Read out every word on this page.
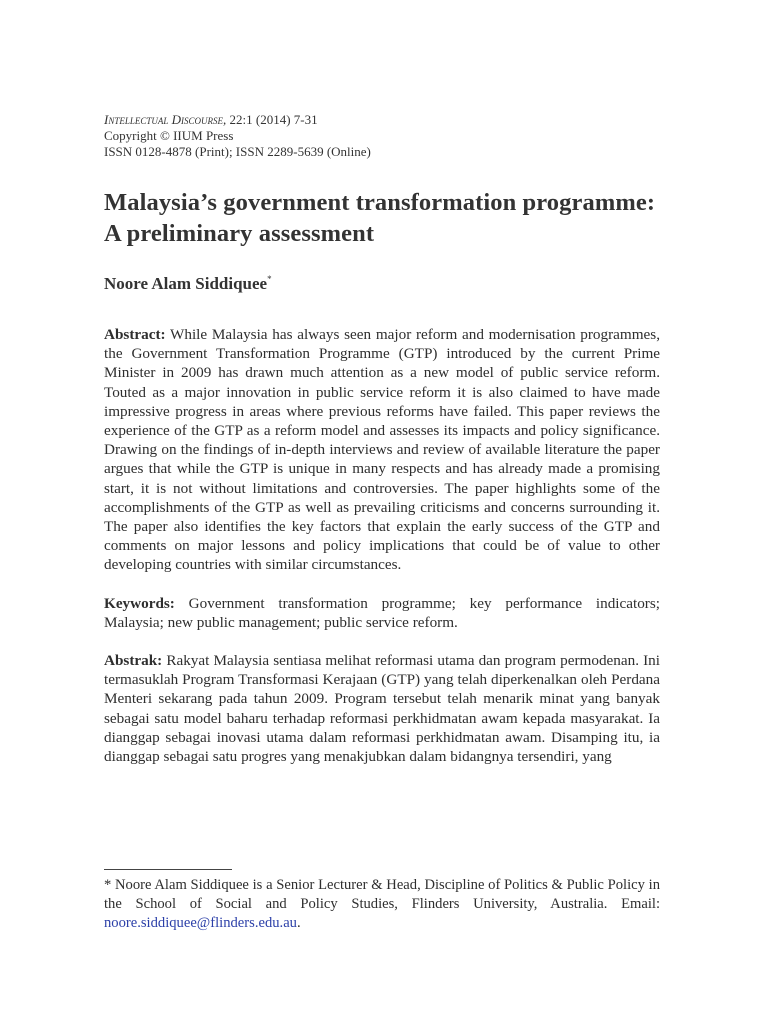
Intellectual Discourse, 22:1 (2014) 7-31
Copyright © IIUM Press
ISSN 0128-4878 (Print); ISSN 2289-5639 (Online)
Malaysia’s government transformation programme: A preliminary assessment
Noore Alam Siddiquee*

Abstract: While Malaysia has always seen major reform and modernisation programmes, the Government Transformation Programme (GTP) introduced by the current Prime Minister in 2009 has drawn much attention as a new model of public service reform. Touted as a major innovation in public service reform it is also claimed to have made impressive progress in areas where previous reforms have failed. This paper reviews the experience of the GTP as a reform model and assesses its impacts and policy significance. Drawing on the findings of in-depth interviews and review of available literature the paper argues that while the GTP is unique in many respects and has already made a promising start, it is not without limitations and controversies. The paper highlights some of the accomplishments of the GTP as well as prevailing criticisms and concerns surrounding it. The paper also identifies the key factors that explain the early success of the GTP and comments on major lessons and policy implications that could be of value to other developing countries with similar circumstances.

Keywords: Government transformation programme; key performance indicators; Malaysia; new public management; public service reform.

Abstrak: Rakyat Malaysia sentiasa melihat reformasi utama dan program permodenan. Ini termasuklah Program Transformasi Kerajaan (GTP) yang telah diperkenalkan oleh Perdana Menteri sekarang pada tahun 2009. Program tersebut telah menarik minat yang banyak sebagai satu model baharu terhadap reformasi perkhidmatan awam kepada masyarakat. Ia dianggap sebagai inovasi utama dalam reformasi perkhidmatan awam. Disamping itu, ia dianggap sebagai satu progres yang menakjubkan dalam bidangnya tersendiri, yang

* Noore Alam Siddiquee is a Senior Lecturer & Head, Discipline of Politics & Public Policy in the School of Social and Policy Studies, Flinders University, Australia. Email: noore.siddiquee@flinders.edu.au.
